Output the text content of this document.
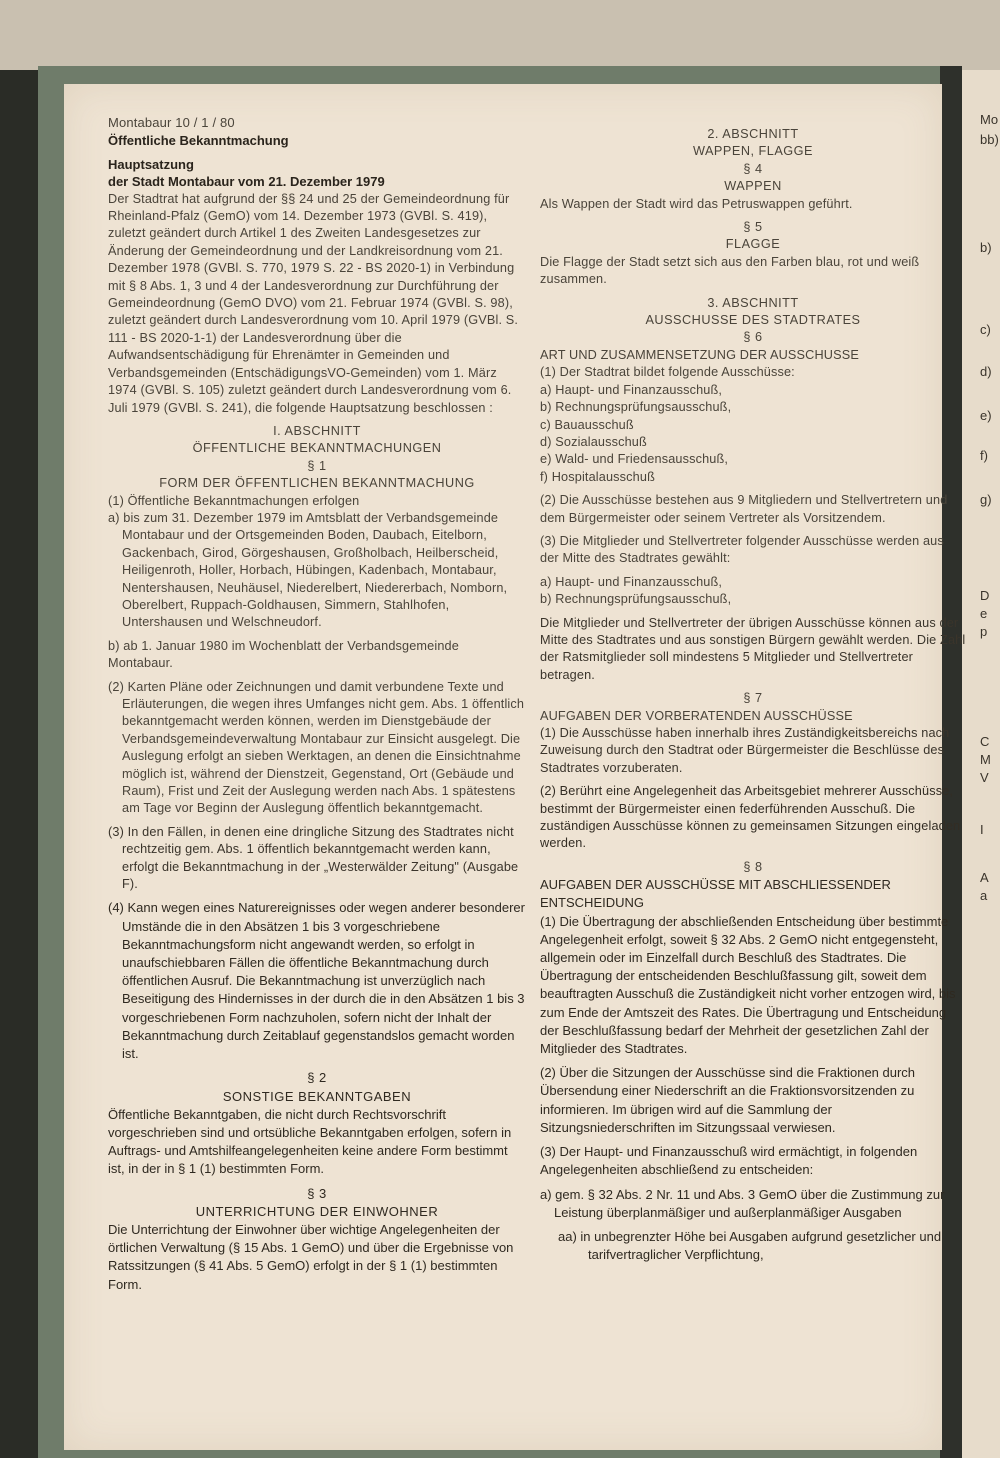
Mo
bb)
b)
c)
d)
e)
f)
g)
D
e
p
C
M
V
I
A
a

Montabaur 10 / 1 / 80

Öffentliche Bekanntmachung

Hauptsatzung

der Stadt Montabaur vom 21. Dezember 1979

Der Stadtrat hat aufgrund der §§ 24 und 25 der Gemeindeordnung für Rheinland-Pfalz (GemO) vom 14. Dezember 1973 (GVBl. S. 419), zuletzt geändert durch Artikel 1 des Zweiten Landesgesetzes zur Änderung der Gemeindeordnung und der Landkreisordnung vom 21. Dezember 1978 (GVBl. S. 770, 1979 S. 22 - BS 2020-1) in Verbindung mit § 8 Abs. 1, 3 und 4 der Landesverordnung zur Durchführung der Gemeindeordnung (GemO DVO) vom 21. Februar 1974 (GVBl. S. 98), zuletzt geändert durch Landesverordnung vom 10. April 1979 (GVBl. S. 111 - BS 2020-1-1) der Landesverordnung über die Aufwandsentschädigung für Ehrenämter in Gemeinden und Verbandsgemeinden (EntschädigungsVO-Gemeinden) vom 1. März 1974 (GVBl. S. 105) zuletzt geändert durch Landesverordnung vom 6. Juli 1979 (GVBl. S. 241), die folgende Hauptsatzung beschlossen :

I. ABSCHNITT

ÖFFENTLICHE BEKANNTMACHUNGEN

§ 1

FORM DER ÖFFENTLICHEN BEKANNTMACHUNG

(1) Öffentliche Bekanntmachungen erfolgen

a) bis zum 31. Dezember 1979 im Amtsblatt der Verbandsgemeinde Montabaur und der Ortsgemeinden Boden, Daubach, Eitelborn, Gackenbach, Girod, Görgeshausen, Großholbach, Heilberscheid, Heiligenroth, Holler, Horbach, Hübingen, Kadenbach, Montabaur, Nentershausen, Neuhäusel, Niederelbert, Niedererbach, Nomborn, Oberelbert, Ruppach-Goldhausen, Simmern, Stahlhofen, Untershausen und Welschneudorf.

b) ab 1. Januar 1980 im Wochenblatt der Verbandsgemeinde Montabaur.

(2) Karten Pläne oder Zeichnungen und damit verbundene Texte und Erläuterungen, die wegen ihres Umfanges nicht gem. Abs. 1 öffentlich bekanntgemacht werden können, werden im Dienstgebäude der Verbandsgemeindeverwaltung Montabaur zur Einsicht ausgelegt. Die Auslegung erfolgt an sieben Werktagen, an denen die Einsichtnahme möglich ist, während der Dienstzeit, Gegenstand, Ort (Gebäude und Raum), Frist und Zeit der Auslegung werden nach Abs. 1 spätestens am Tage vor Beginn der Auslegung öffentlich bekanntgemacht.

(3) In den Fällen, in denen eine dringliche Sitzung des Stadtrates nicht rechtzeitig gem. Abs. 1 öffentlich bekanntgemacht werden kann, erfolgt die Bekanntmachung in der „Westerwälder Zeitung" (Ausgabe F).

(4) Kann wegen eines Naturereignisses oder wegen anderer besonderer Umstände die in den Absätzen 1 bis 3 vorgeschriebene Bekanntmachungsform nicht angewandt werden, so erfolgt in unaufschiebbaren Fällen die öffentliche Bekanntmachung durch öffentlichen Ausruf. Die Bekanntmachung ist unverzüglich nach Beseitigung des Hindernisses in der durch die in den Absätzen 1 bis 3 vorgeschriebenen Form nachzuholen, sofern nicht der Inhalt der Bekanntmachung durch Zeitablauf gegenstandslos gemacht worden ist.

§ 2

SONSTIGE BEKANNTGABEN

Öffentliche Bekanntgaben, die nicht durch Rechtsvorschrift vorgeschrieben sind und ortsübliche Bekanntgaben erfolgen, sofern in Auftrags- und Amtshilfeangelegenheiten keine andere Form bestimmt ist, in der in § 1 (1) bestimmten Form.

§ 3

UNTERRICHTUNG DER EINWOHNER

Die Unterrichtung der Einwohner über wichtige Angelegenheiten der örtlichen Verwaltung (§ 15 Abs. 1 GemO) und über die Ergebnisse von Ratssitzungen (§ 41 Abs. 5 GemO) erfolgt in der § 1 (1) bestimmten Form.

2. ABSCHNITT

WAPPEN, FLAGGE

§ 4

WAPPEN

Als Wappen der Stadt wird das Petruswappen geführt.

§ 5

FLAGGE

Die Flagge der Stadt setzt sich aus den Farben blau, rot und weiß zusammen.

3. ABSCHNITT

AUSSCHUSSE DES STADTRATES

§ 6

ART UND ZUSAMMENSETZUNG DER AUSSCHUSSE

(1) Der Stadtrat bildet folgende Ausschüsse:

a) Haupt- und Finanzausschuß,

b) Rechnungsprüfungsausschuß,

c) Bauausschuß

d) Sozialausschuß

e) Wald- und Friedensausschuß,

f) Hospitalausschuß

(2) Die Ausschüsse bestehen aus 9 Mitgliedern und Stellvertretern und dem Bürgermeister oder seinem Vertreter als Vorsitzendem.

(3) Die Mitglieder und Stellvertreter folgender Ausschüsse werden aus der Mitte des Stadtrates gewählt:

a) Haupt- und Finanzausschuß,

b) Rechnungsprüfungsausschuß,

Die Mitglieder und Stellvertreter der übrigen Ausschüsse können aus der Mitte des Stadtrates und aus sonstigen Bürgern gewählt werden. Die Zahl der Ratsmitglieder soll mindestens 5 Mitglieder und Stellvertreter betragen.

§ 7

AUFGABEN DER VORBERATENDEN AUSSCHÜSSE

(1) Die Ausschüsse haben innerhalb ihres Zuständigkeitsbereichs nach Zuweisung durch den Stadtrat oder Bürgermeister die Beschlüsse des Stadtrates vorzuberaten.

(2) Berührt eine Angelegenheit das Arbeitsgebiet mehrerer Ausschüsse, bestimmt der Bürgermeister einen federführenden Ausschuß. Die zuständigen Ausschüsse können zu gemeinsamen Sitzungen eingeladen werden.

§ 8

AUFGABEN DER AUSSCHÜSSE MIT ABSCHLIESSENDER ENTSCHEIDUNG

(1) Die Übertragung der abschließenden Entscheidung über bestimmte Angelegenheit erfolgt, soweit § 32 Abs. 2 GemO nicht entgegensteht, allgemein oder im Einzelfall durch Beschluß des Stadtrates. Die Übertragung der entscheidenden Beschlußfassung gilt, soweit dem beauftragten Ausschuß die Zuständigkeit nicht vorher entzogen wird, bis zum Ende der Amtszeit des Rates. Die Übertragung und Entscheidung der Beschlußfassung bedarf der Mehrheit der gesetzlichen Zahl der Mitglieder des Stadtrates.

(2) Über die Sitzungen der Ausschüsse sind die Fraktionen durch Übersendung einer Niederschrift an die Fraktionsvorsitzenden zu informieren. Im übrigen wird auf die Sammlung der Sitzungsniederschriften im Sitzungssaal verwiesen.

(3) Der Haupt- und Finanzausschuß wird ermächtigt, in folgenden Angelegenheiten abschließend zu entscheiden:

a) gem. § 32 Abs. 2 Nr. 11 und Abs. 3 GemO über die Zustimmung zur Leistung überplanmäßiger und außerplanmäßiger Ausgaben

aa) in unbegrenzter Höhe bei Ausgaben aufgrund gesetzlicher und tarifvertraglicher Verpflichtung,
